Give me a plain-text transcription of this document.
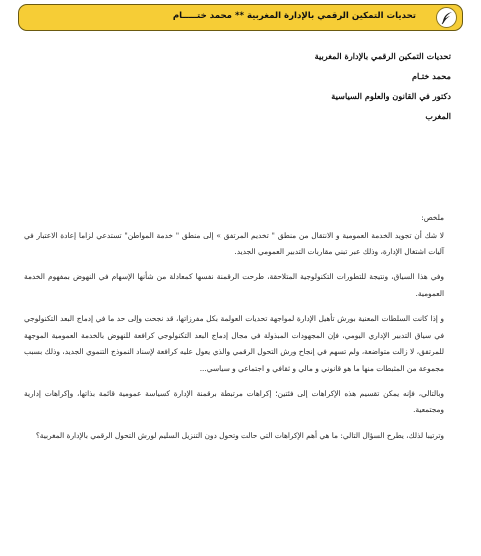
تحديات التمكين الرقمي بالإدارة المغربية ** محمد ختـــــام
تحديات التمكين الرقمي بالإدارة المغربية
محمد ختـام
دكتور في القانون والعلوم السياسية
المغرب

ملخص:

لا شك أن تجويد الخدمة العمومية و الانتقال من منطق " تخديم المرتفق » إلى منطق " خدمة المواطن" تستدعي لزاما إعادة الاعتبار في آليات اشتغال الإدارة، وذلك عبر تبني مقاربات التدبير العمومي الجديد.

وفي هذا السياق، ونتيجة للتطورات التكنولوجية المتلاحقة، طرحت الرقمنة نفسها كمعادلة من شأنها الإسهام في النهوض بمفهوم الخدمة العمومية.

و إذا كانت السلطات المعنية بورش تأهيل الإدارة لمواجهة تحديات العولمة بكل مفرزاتها، قد نجحت وإلى حد ما في إدماج البعد التكنولوجي في سياق التدبير الإداري اليومي، فإن المجهودات المبذولة في مجال إدماج البعد التكنولوجي كرافعة للنهوض بالخدمة العمومية الموجهة للمرتفق، لا زالت متواضعة، ولم تسهم في إنجاح ورش التحول الرقمي والذي يعول عليه كرافعة لإسناد النموذج التنموي الجديد، وذلك بسبب مجموعة من المثبطات منها ما هو قانوني و مالي و ثقافي و اجتماعي و سياسي...

وبالتالي، فإنه يمكن تقسيم هذه الإكراهات إلى فئتين؛ إكراهات مرتبطة برقمنة الإدارة كسياسة عمومية قائمة بذاتها، وإكراهات إدارية ومجتمعية.

وترتيبا لذلك، يطرح السؤال التالي: ما هي أهم الإكراهات التي حالت وتحول دون التنزيل السليم لورش التحول الرقمي بالإدارة المغربية؟
